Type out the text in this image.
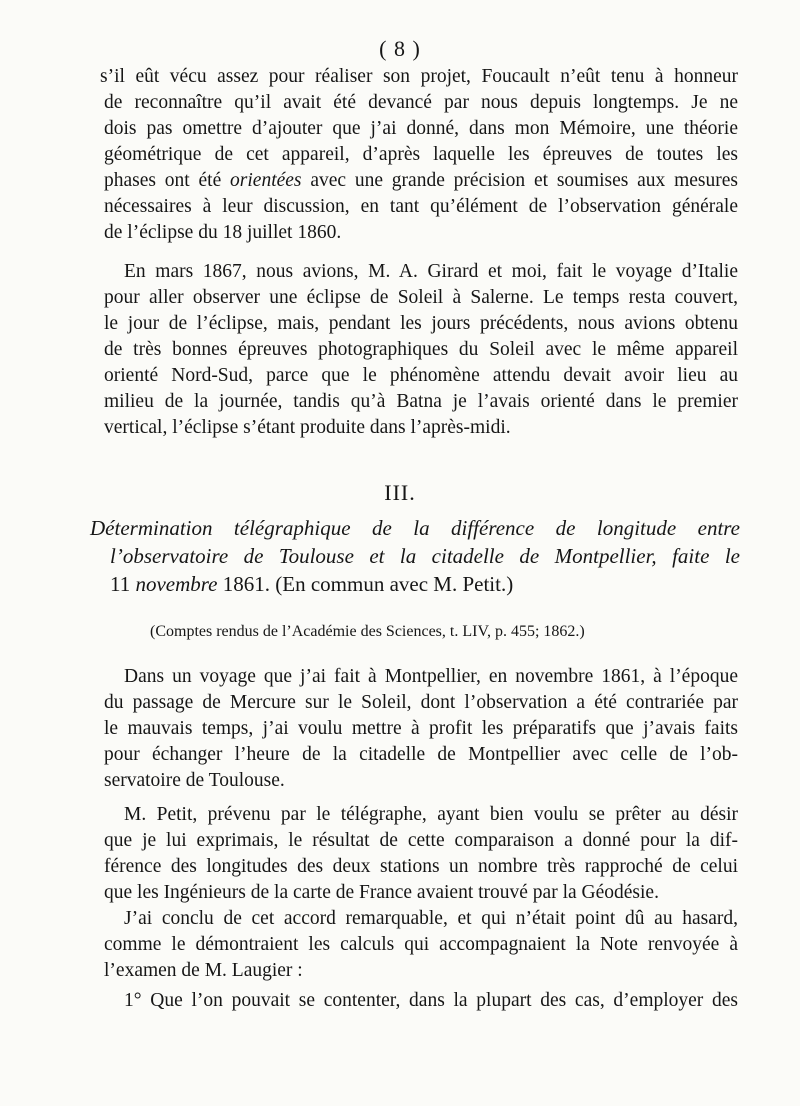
( 8 )

s’il eût vécu assez pour réaliser son projet, Foucault n’eût tenu à honneur
de reconnaître qu’il avait été devancé par nous depuis longtemps. Je ne
dois pas omettre d’ajouter que j’ai donné, dans mon Mémoire, une théorie
géométrique de cet appareil, d’après laquelle les épreuves de toutes les
phases ont été orientées avec une grande précision et soumises aux mesures
nécessaires à leur discussion, en tant qu’élément de l’observation générale
de l’éclipse du 18 juillet 1860.
En mars 1867, nous avions, M. A. Girard et moi, fait le voyage d’Italie
pour aller observer une éclipse de Soleil à Salerne. Le temps resta couvert,
le jour de l’éclipse, mais, pendant les jours précédents, nous avions obtenu
de très bonnes épreuves photographiques du Soleil avec le même appareil
orienté Nord-Sud, parce que le phénomène attendu devait avoir lieu au
milieu de la journée, tandis qu’à Batna je l’avais orienté dans le premier
vertical, l’éclipse s’étant produite dans l’après-midi.
III.
Détermination télégraphique de la différence de longitude entre
l’observatoire de Toulouse et la citadelle de Montpellier, faite le
11 novembre 1861. (En commun avec M. Petit.)
(Comptes rendus de l’Académie des Sciences, t. LIV, p. 455; 1862.)
Dans un voyage que j’ai fait à Montpellier, en novembre 1861, à l’époque
du passage de Mercure sur le Soleil, dont l’observation a été contrariée par
le mauvais temps, j’ai voulu mettre à profit les préparatifs que j’avais faits
pour échanger l’heure de la citadelle de Montpellier avec celle de l’ob-
servatoire de Toulouse.
M. Petit, prévenu par le télégraphe, ayant bien voulu se prêter au désir
que je lui exprimais, le résultat de cette comparaison a donné pour la dif-
férence des longitudes des deux stations un nombre très rapproché de celui
que les Ingénieurs de la carte de France avaient trouvé par la Géodésie.
J’ai conclu de cet accord remarquable, et qui n’était point dû au hasard,
comme le démontraient les calculs qui accompagnaient la Note renvoyée à
l’examen de M. Laugier :
1° Que l’on pouvait se contenter, dans la plupart des cas, d’employer des
